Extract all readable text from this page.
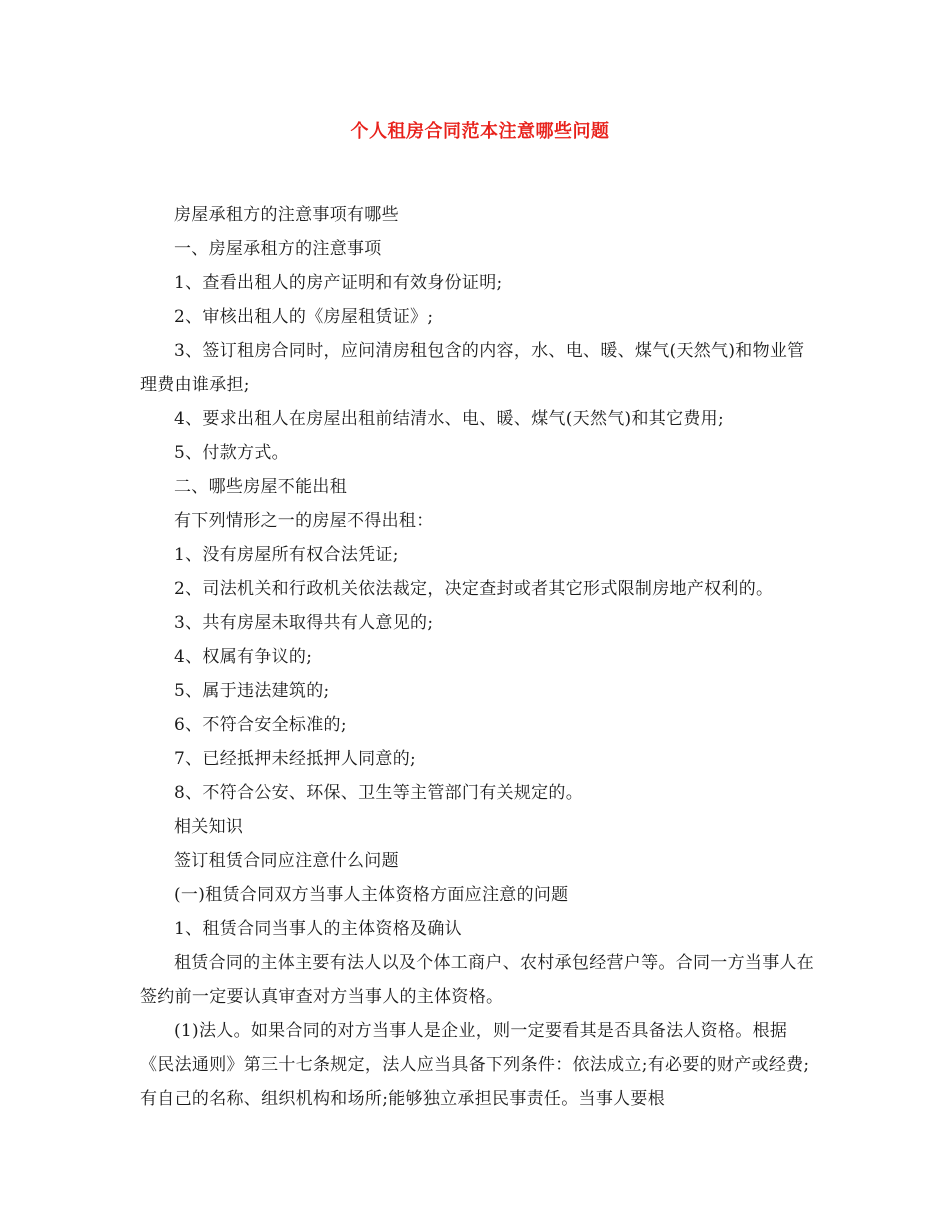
个人租房合同范本注意哪些问题

房屋承租方的注意事项有哪些

一、房屋承租方的注意事项

1、查看出租人的房产证明和有效身份证明;

2、审核出租人的《房屋租赁证》;

3、签订租房合同时，应问清房租包含的内容，水、电、暖、煤气(天然气)和物业管理费由谁承担;

4、要求出租人在房屋出租前结清水、电、暖、煤气(天然气)和其它费用;

5、付款方式。

二、哪些房屋不能出租

有下列情形之一的房屋不得出租：

1、没有房屋所有权合法凭证;

2、司法机关和行政机关依法裁定，决定查封或者其它形式限制房地产权利的。

3、共有房屋未取得共有人意见的;

4、权属有争议的;

5、属于违法建筑的;

6、不符合安全标准的;

7、已经抵押未经抵押人同意的;

8、不符合公安、环保、卫生等主管部门有关规定的。

相关知识

签订租赁合同应注意什么问题

(一)租赁合同双方当事人主体资格方面应注意的问题

1、租赁合同当事人的主体资格及确认

租赁合同的主体主要有法人以及个体工商户、农村承包经营户等。合同一方当事人在签约前一定要认真审查对方当事人的主体资格。

(1)法人。如果合同的对方当事人是企业，则一定要看其是否具备法人资格。根据《民法通则》第三十七条规定，法人应当具备下列条件：依法成立;有必要的财产或经费;有自己的名称、组织机构和场所;能够独立承担民事责任。当事人要根
